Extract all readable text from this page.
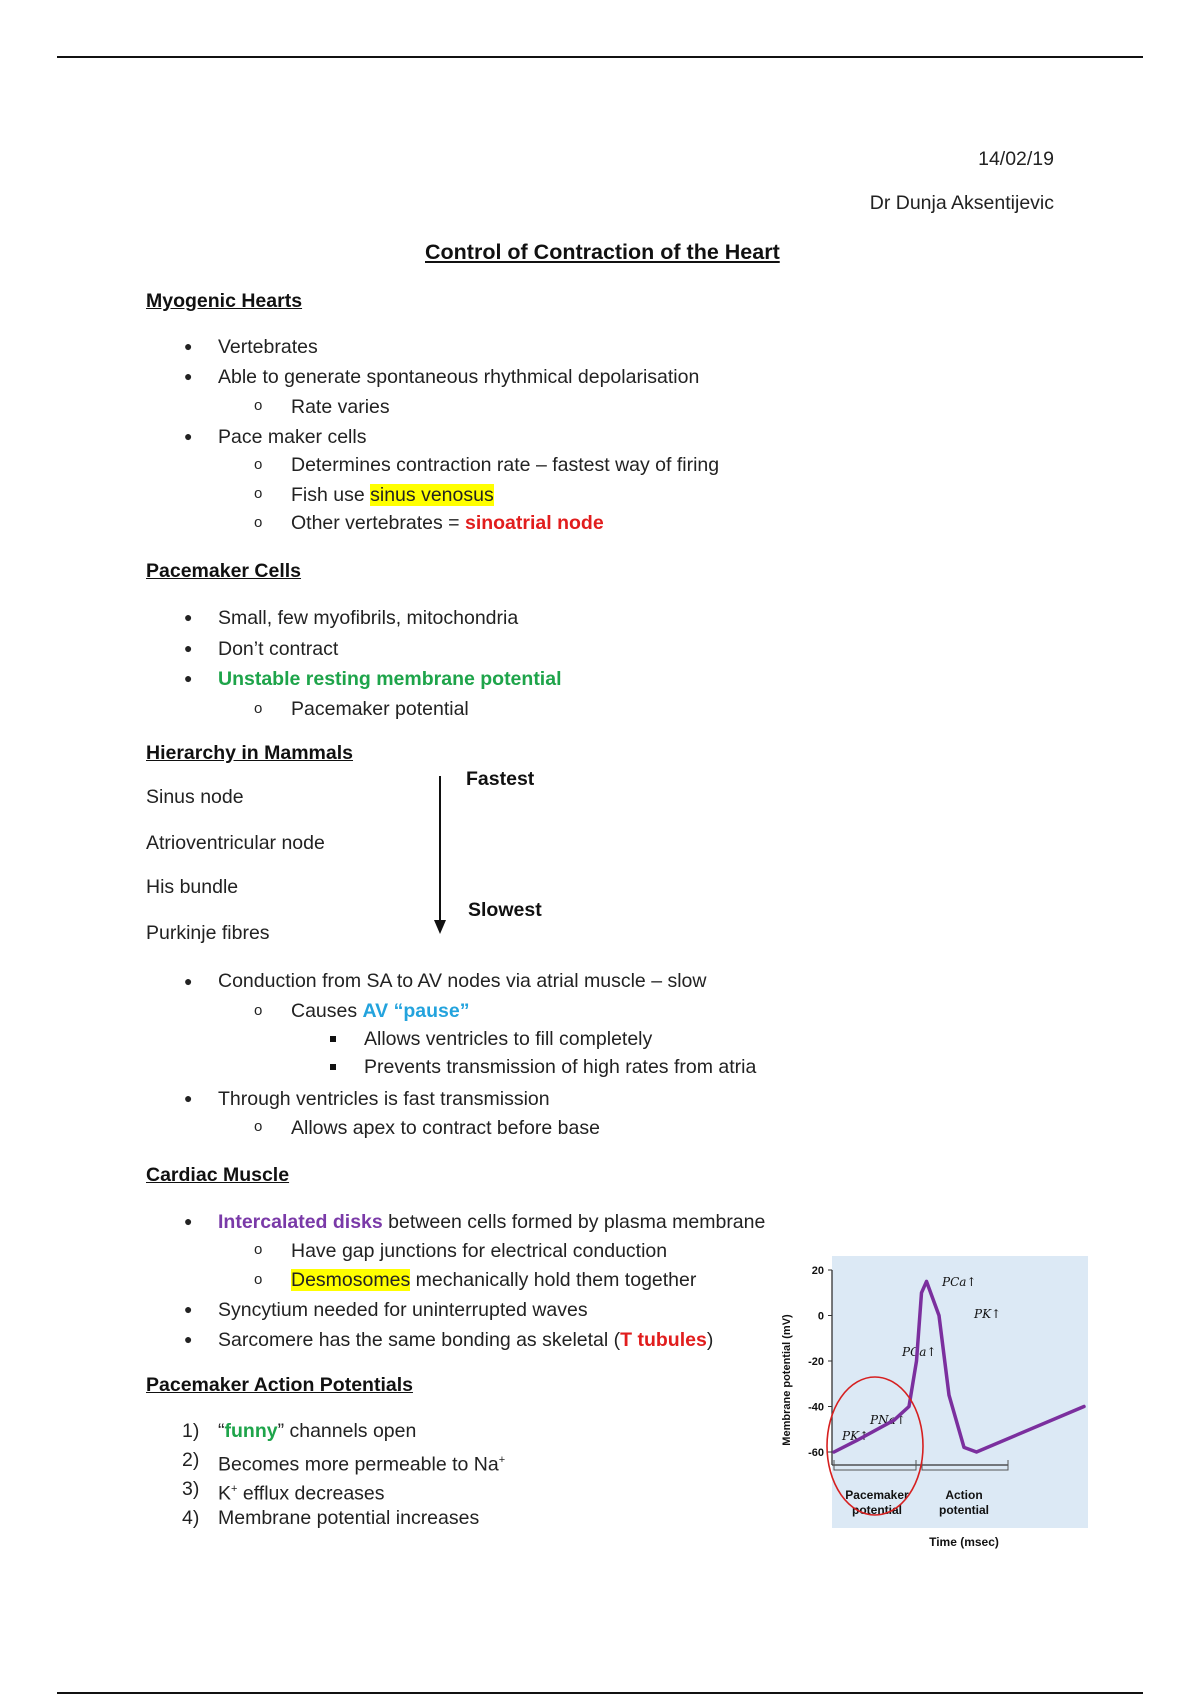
14/02/19
Dr Dunja Aksentijevic
Control of Contraction of the Heart
Myogenic Hearts
● Vertebrates
● Able to generate spontaneous rhythmical depolarisation
o Rate varies
● Pace maker cells
o Determines contraction rate – fastest way of firing
o Fish use sinus venosus
o Other vertebrates = sinoatrial node
Pacemaker Cells
● Small, few myofibrils, mitochondria
● Don’t contract
● Unstable resting membrane potential
o Pacemaker potential
Hierarchy in Mammals
Sinus node
Atrioventricular node
His bundle
Purkinje fibres
Fastest
Slowest
● Conduction from SA to AV nodes via atrial muscle – slow
o Causes AV “pause”
Allows ventricles to fill completely
Prevents transmission of high rates from atria
● Through ventricles is fast transmission
o Allows apex to contract before base
Cardiac Muscle
● Intercalated disks between cells formed by plasma membrane
o Have gap junctions for electrical conduction
o Desmosomes mechanically hold them together
● Syncytium needed for uninterrupted waves
● Sarcomere has the same bonding as skeletal (T tubules)
Pacemaker Action Potentials
1) “funny” channels open
2) Becomes more permeable to Na+
3) K+ efflux decreases
4) Membrane potential increases
20
0
-20
-40
-60
Membrane potential (mV)
Pacemaker
potential
Action
potential
Time (msec)
PK↑
PNa↑
PCa↑
PCa↑
PK↑
